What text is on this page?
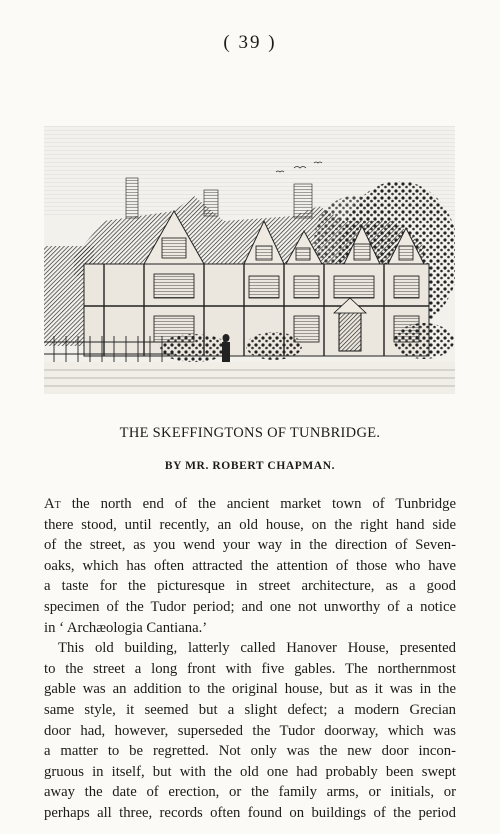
( 39 )
THE SKEFFINGTONS OF TUNBRIDGE.
BY MR. ROBERT CHAPMAN.
At the north end of the ancient market town of Tunbridge
there stood, until recently, an old house, on the right hand side
of the street, as you wend your way in the direction of Seven-
oaks, which has often attracted the attention of those who have
a taste for the picturesque in street architecture, as a good
specimen of the Tudor period; and one not unworthy of a notice
in ‘ Archæologia Cantiana.’
This old building, latterly called Hanover House, presented
to the street a long front with five gables. The northernmost
gable was an addition to the original house, but as it was in the
same style, it seemed but a slight defect; a modern Grecian
door had, however, superseded the Tudor doorway, which was
a matter to be regretted. Not only was the new door incon-
gruous in itself, but with the old one had probably been swept
away the date of erection, or the family arms, or initials, or
perhaps all three, records often found on buildings of the period
